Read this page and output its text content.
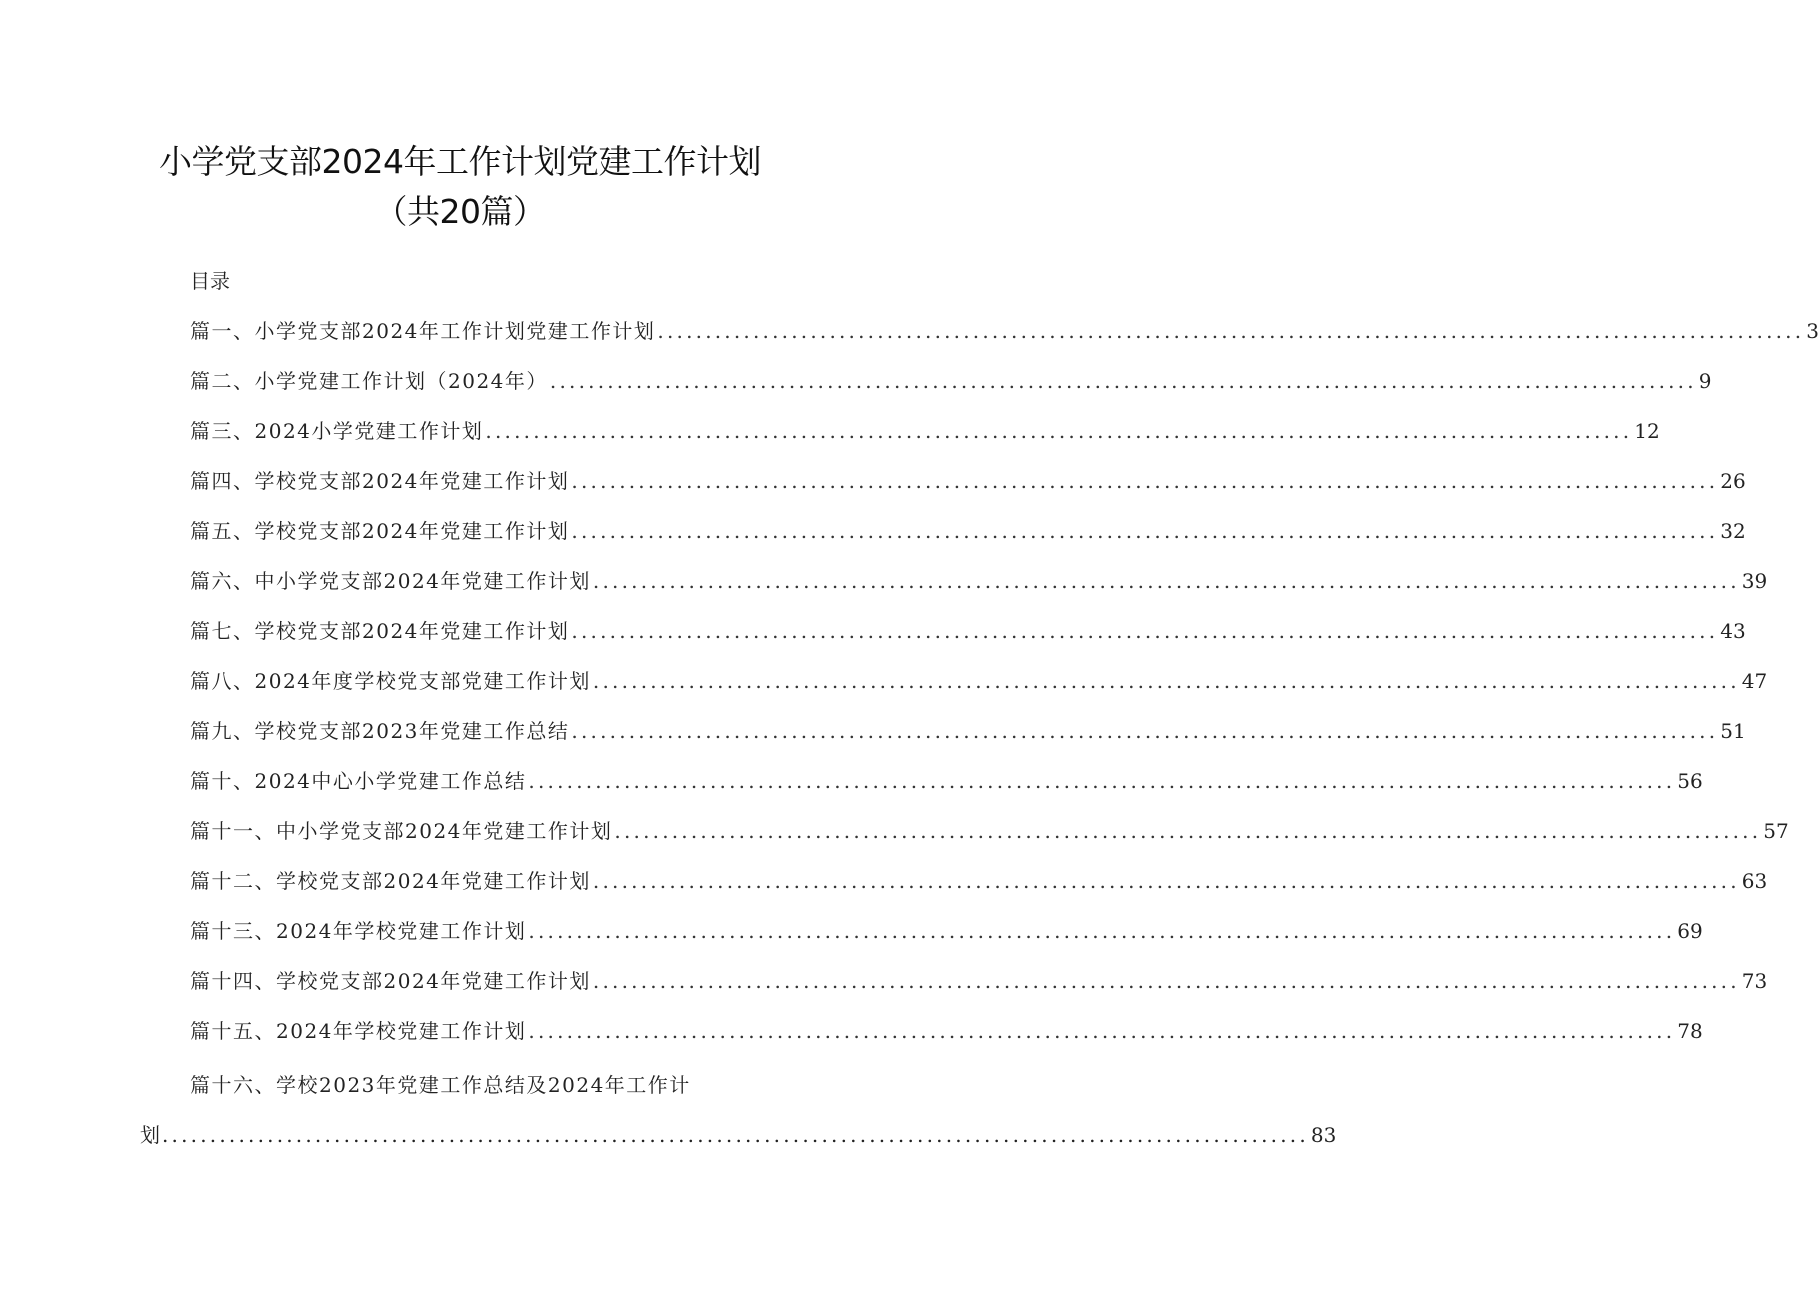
小学党支部2024年工作计划党建工作计划
（共20篇）
目录
篇一、小学党支部2024年工作计划党建工作计划 ........................................................................................................................ 3
篇二、小学党建工作计划（2024年） ........................................................................................................................ 9
篇三、2024小学党建工作计划 ........................................................................................................................ 12
篇四、学校党支部2024年党建工作计划 ........................................................................................................................ 26
篇五、学校党支部2024年党建工作计划 ........................................................................................................................ 32
篇六、中小学党支部2024年党建工作计划 ........................................................................................................................ 39
篇七、学校党支部2024年党建工作计划 ........................................................................................................................ 43
篇八、2024年度学校党支部党建工作计划 ........................................................................................................................ 47
篇九、学校党支部2023年党建工作总结 ........................................................................................................................ 51
篇十、2024中心小学党建工作总结 ........................................................................................................................ 56
篇十一、中小学党支部2024年党建工作计划 ........................................................................................................................ 57
篇十二、学校党支部2024年党建工作计划 ........................................................................................................................ 63
篇十三、2024年学校党建工作计划 ........................................................................................................................ 69
篇十四、学校党支部2024年党建工作计划 ........................................................................................................................ 73
篇十五、2024年学校党建工作计划 ........................................................................................................................ 78
篇十六、学校2023年党建工作总结及2024年工作计
划 ........................................................................................................................ 83
